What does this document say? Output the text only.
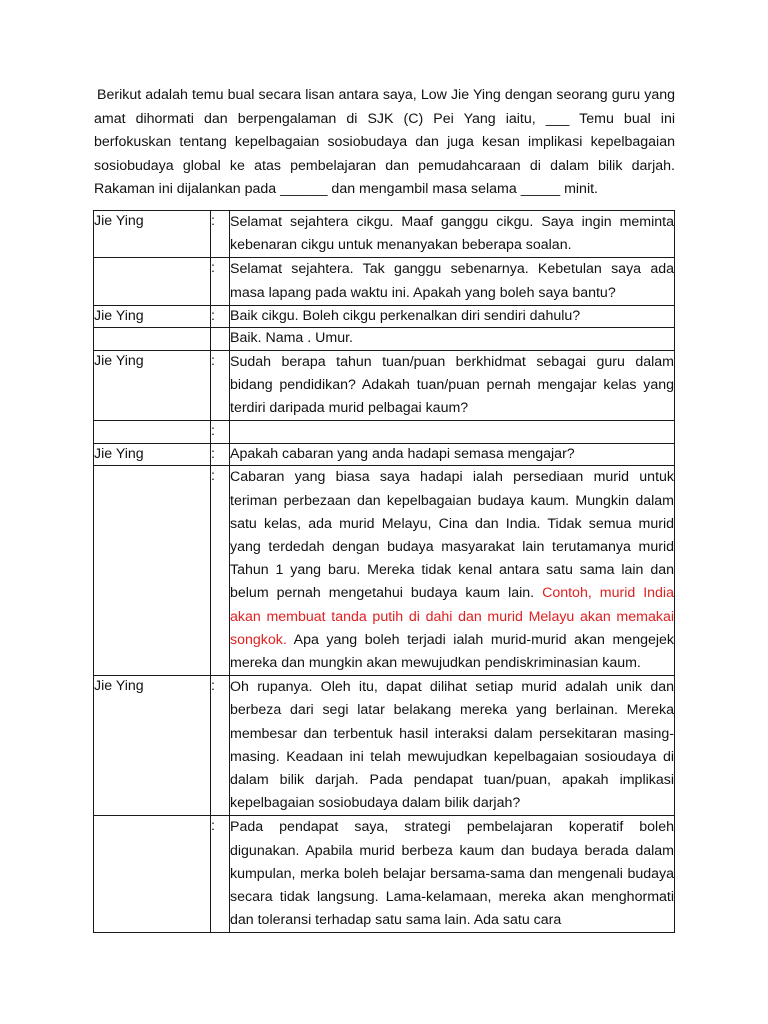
Berikut adalah temu bual secara lisan antara saya, Low Jie Ying dengan seorang guru yang amat dihormati dan berpengalaman di SJK (C) Pei Yang iaitu, ___ Temu bual ini berfokuskan tentang kepelbagaian sosiobudaya dan juga kesan implikasi kepelbagaian sosiobudaya global ke atas pembelajaran dan pemudahcaraan di dalam bilik darjah. Rakaman ini dijalankan pada ______ dan mengambil masa selama _____ minit.

Jie Ying	:	Selamat sejahtera cikgu. Maaf ganggu cikgu. Saya ingin meminta kebenaran cikgu untuk menanyakan beberapa soalan.
	:	Selamat sejahtera. Tak ganggu sebenarnya. Kebetulan saya ada masa lapang pada waktu ini. Apakah yang boleh saya bantu?
Jie Ying	:	Baik cikgu. Boleh cikgu perkenalkan diri sendiri dahulu?
		Baik. Nama . Umur.
Jie Ying	:	Sudah berapa tahun tuan/puan berkhidmat sebagai guru dalam bidang pendidikan? Adakah tuan/puan pernah mengajar kelas yang terdiri daripada murid pelbagai kaum?
	:	
Jie Ying	:	Apakah cabaran yang anda hadapi semasa mengajar?
	:	Cabaran yang biasa saya hadapi ialah persediaan murid untuk teriman perbezaan dan kepelbagaian budaya kaum. Mungkin dalam satu kelas, ada murid Melayu, Cina dan India. Tidak semua murid yang terdedah dengan budaya masyarakat lain terutamanya murid Tahun 1 yang baru. Mereka tidak kenal antara satu sama lain dan belum pernah mengetahui budaya kaum lain. Contoh, murid India akan membuat tanda putih di dahi dan murid Melayu akan memakai songkok. Apa yang boleh terjadi ialah murid-murid akan mengejek mereka dan mungkin akan mewujudkan pendiskriminasian kaum.
Jie Ying	:	Oh rupanya. Oleh itu, dapat dilihat setiap murid adalah unik dan berbeza dari segi latar belakang mereka yang berlainan. Mereka membesar dan terbentuk hasil interaksi dalam persekitaran masing-masing. Keadaan ini telah mewujudkan kepelbagaian sosioudaya di dalam bilik darjah. Pada pendapat tuan/puan, apakah implikasi kepelbagaian sosiobudaya dalam bilik darjah?
	:	Pada pendapat saya, strategi pembelajaran koperatif boleh digunakan. Apabila murid berbeza kaum dan budaya berada dalam kumpulan, merka boleh belajar bersama-sama dan mengenali budaya secara tidak langsung. Lama-kelamaan, mereka akan menghormati dan toleransi terhadap satu sama lain. Ada satu cara
